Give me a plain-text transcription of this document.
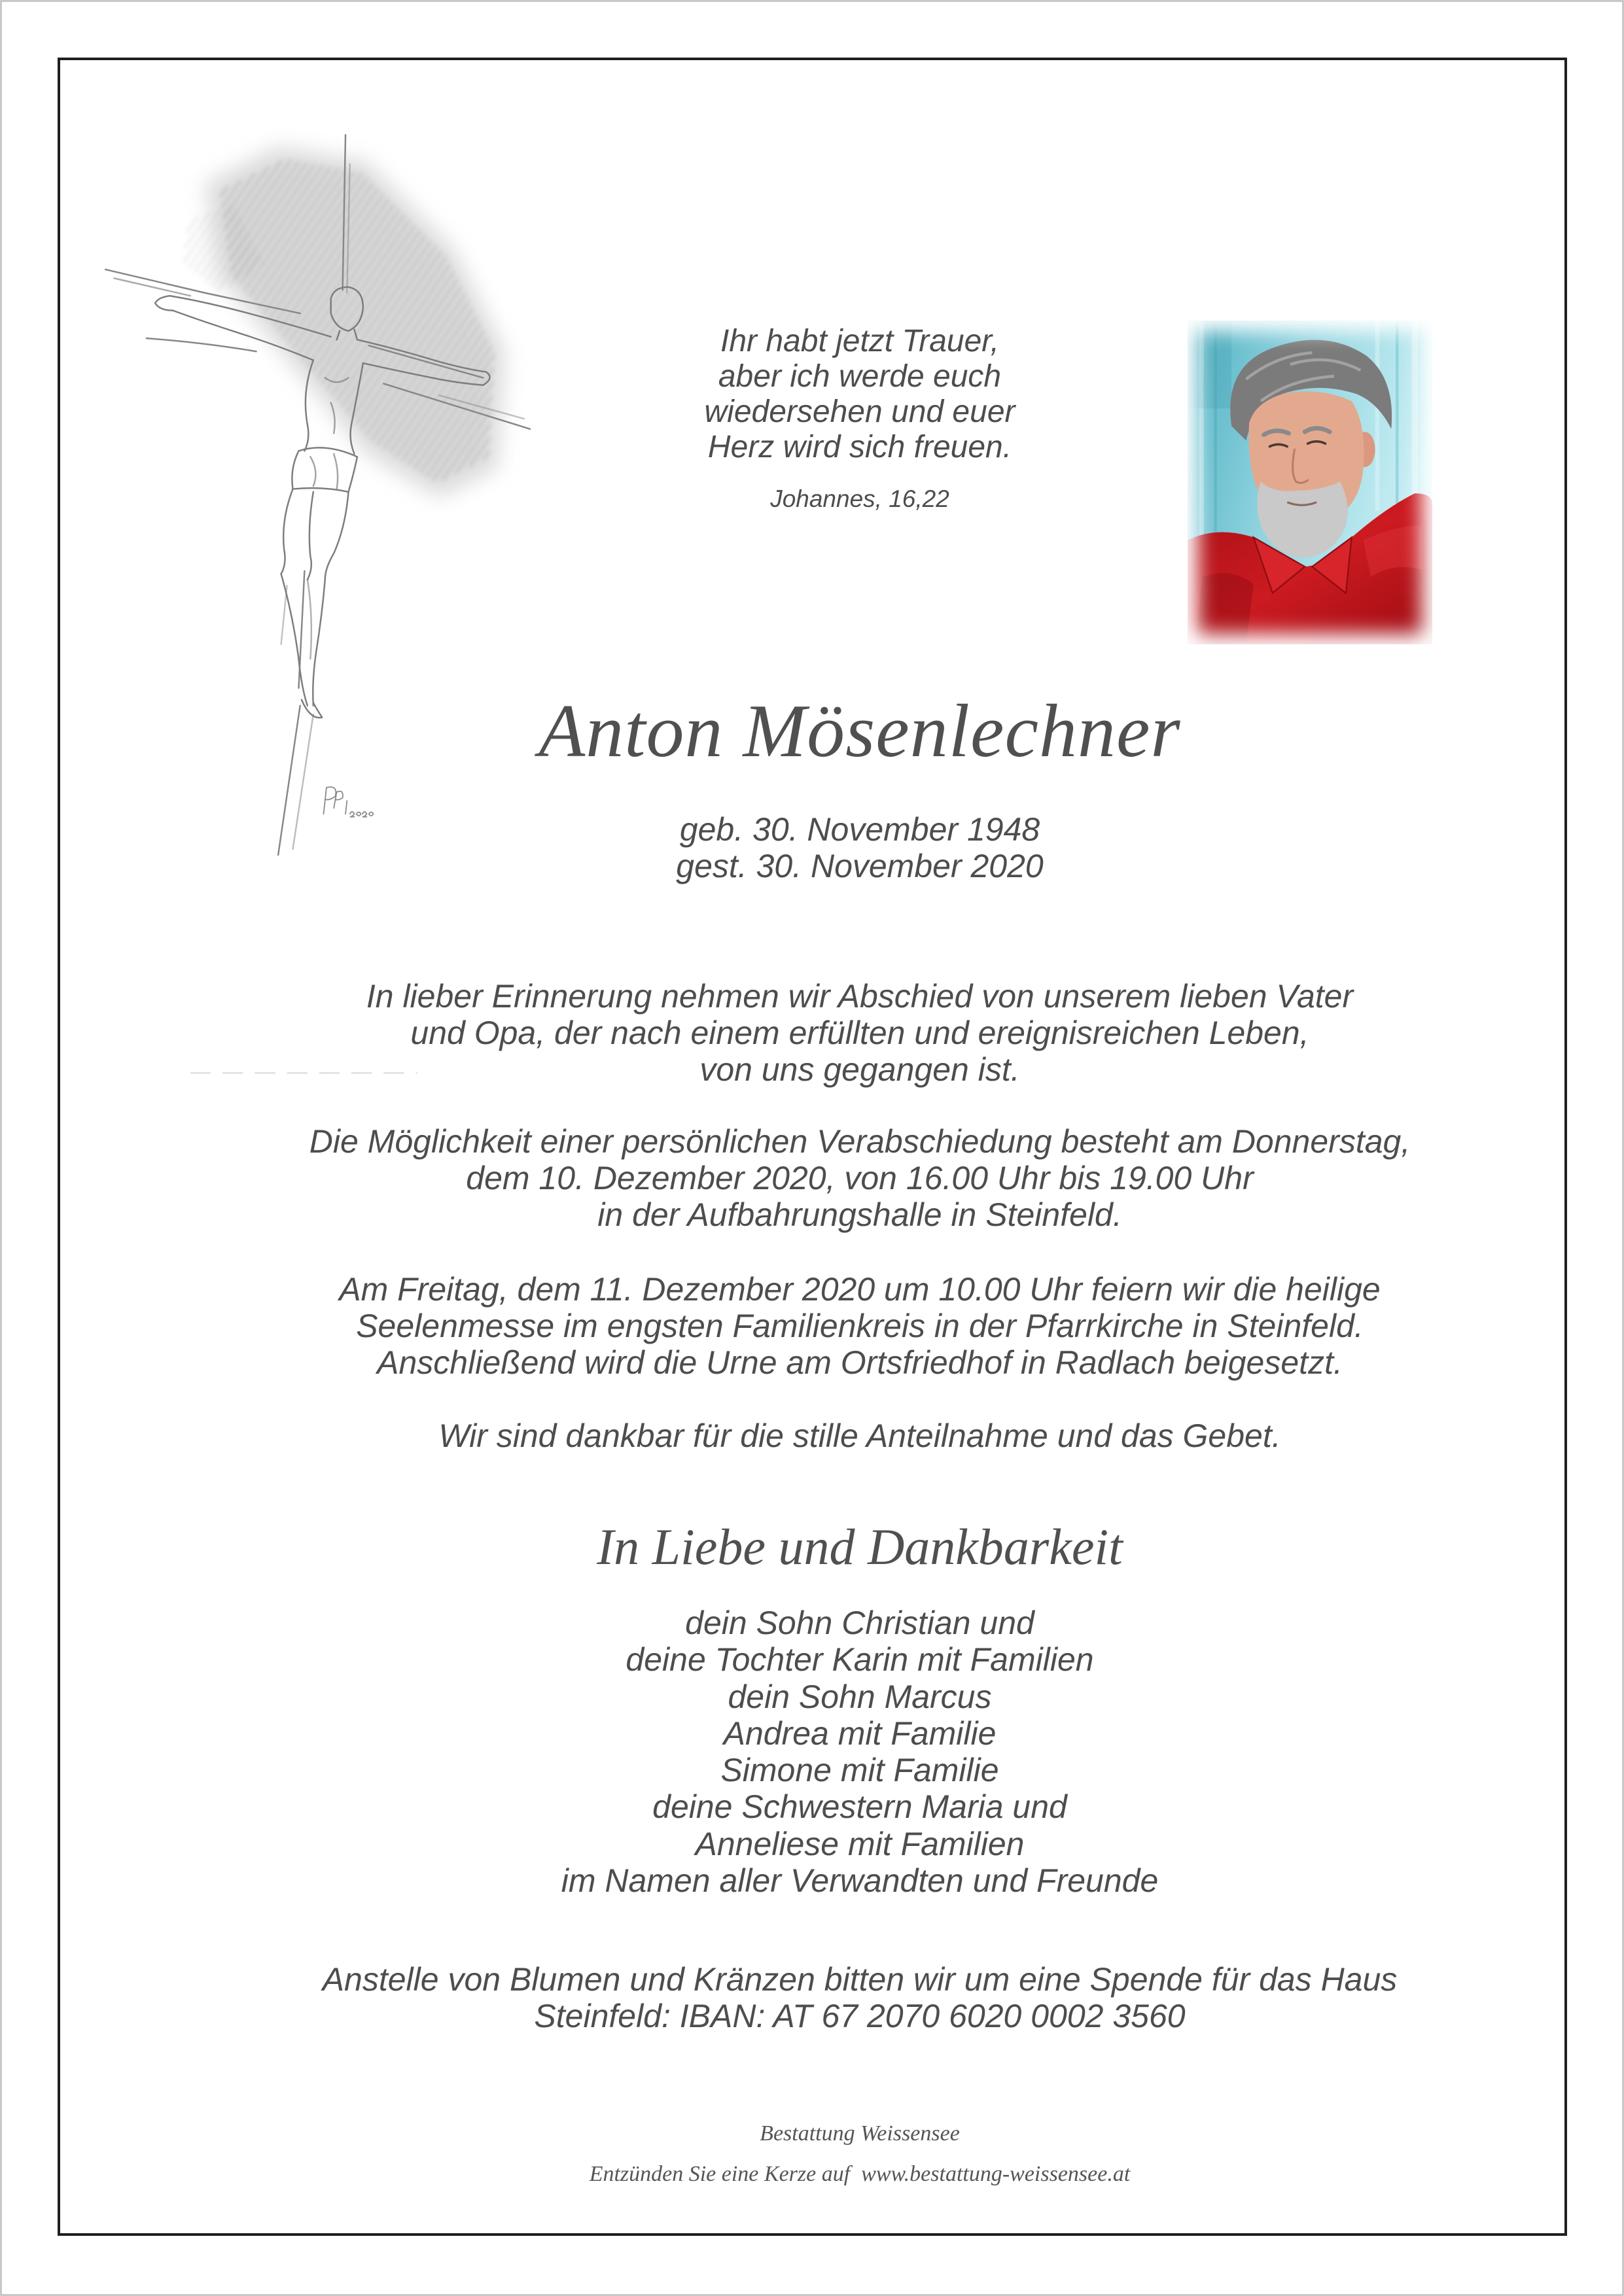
Ihr habt jetzt Trauer,
aber ich werde euch
wiedersehen und euer
Herz wird sich freuen.
Johannes, 16,22
Anton Mösenlechner
geb. 30. November 1948
gest. 30. November 2020
In lieber Erinnerung nehmen wir Abschied von unserem lieben Vater
und Opa, der nach einem erfüllten und ereignisreichen Leben,
von uns gegangen ist.
Die Möglichkeit einer persönlichen Verabschiedung besteht am Donnerstag,
dem 10. Dezember 2020, von 16.00 Uhr bis 19.00 Uhr
in der Aufbahrungshalle in Steinfeld.
Am Freitag, dem 11. Dezember 2020 um 10.00 Uhr feiern wir die heilige
Seelenmesse im engsten Familienkreis in der Pfarrkirche in Steinfeld.
Anschließend wird die Urne am Ortsfriedhof in Radlach beigesetzt.
Wir sind dankbar für die stille Anteilnahme und das Gebet.
In Liebe und Dankbarkeit
dein Sohn Christian und
deine Tochter Karin mit Familien
dein Sohn Marcus
Andrea mit Familie
Simone mit Familie
deine Schwestern Maria und
Anneliese mit Familien
im Namen aller Verwandten und Freunde
Anstelle von Blumen und Kränzen bitten wir um eine Spende für das Haus
Steinfeld: IBAN: AT 67 2070 6020 0002 3560
Bestattung Weissensee
Entzünden Sie eine Kerze auf www.bestattung-weissensee.at
